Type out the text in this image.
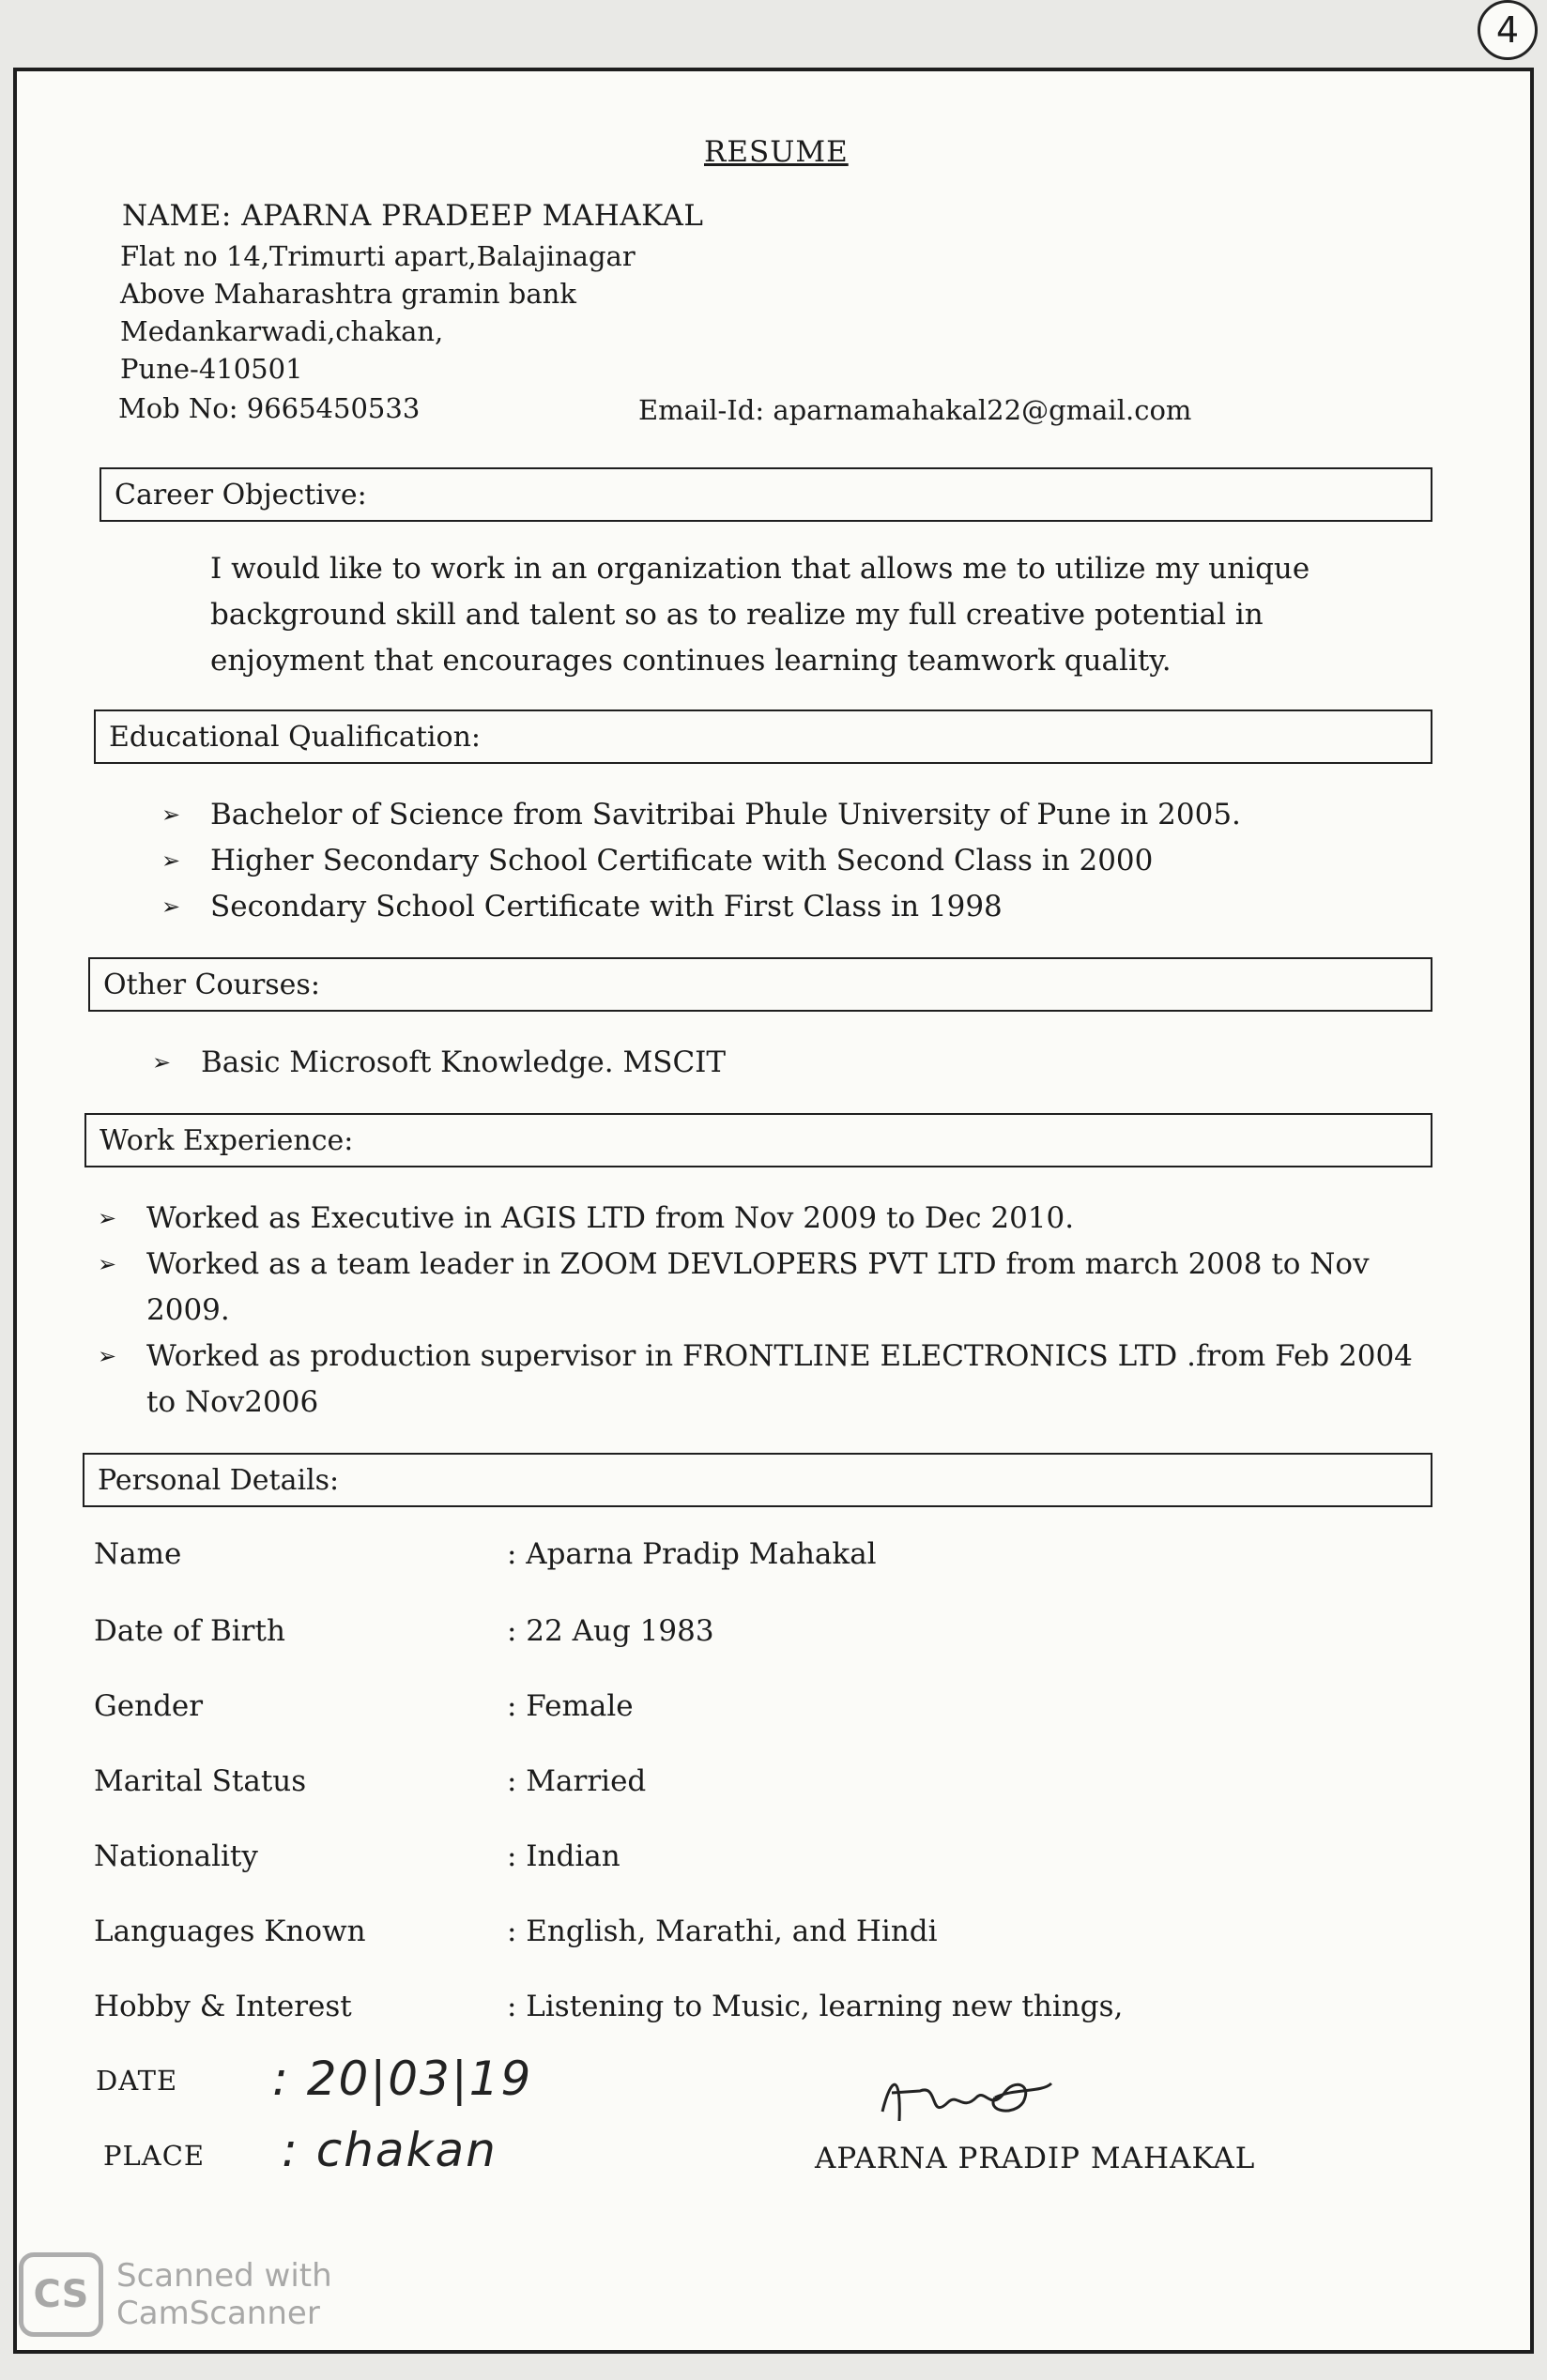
4
RESUME
NAME: APARNA PRADEEP MAHAKAL
Flat no 14,Trimurti apart,Balajinagar
Above Maharashtra gramin bank
Medankarwadi,chakan,
Pune-410501
Mob No: 9665450533	Email-Id: aparnamahakal22@gmail.com
Career Objective:
I would like to work in an organization that allows me to utilize my unique background skill and talent so as to realize my full creative potential in enjoyment that encourages continues learning teamwork quality.
Educational Qualification:
➢ Bachelor of Science from Savitribai Phule University of Pune in 2005.
➢ Higher Secondary School Certificate with Second Class in 2000
➢ Secondary School Certificate with First Class in 1998
Other Courses:
➢ Basic Microsoft Knowledge. MSCIT
Work Experience:
➢ Worked as Executive in AGIS LTD from Nov 2009 to Dec 2010.
➢ Worked as a team leader in ZOOM DEVLOPERS PVT LTD from march 2008 to Nov 2009.
➢ Worked as production supervisor in FRONTLINE ELECTRONICS LTD .from Feb 2004 to Nov2006
Personal Details:
Name	: Aparna Pradip Mahakal
Date of Birth	: 22 Aug 1983
Gender	: Female
Marital Status	: Married
Nationality	: Indian
Languages Known	: English, Marathi, and Hindi
Hobby & Interest	: Listening to Music, learning new things,
DATE : 20|03|19
PLACE : chakan	APARNA PRADIP MAHAKAL
CS Scanned with
CamScanner
